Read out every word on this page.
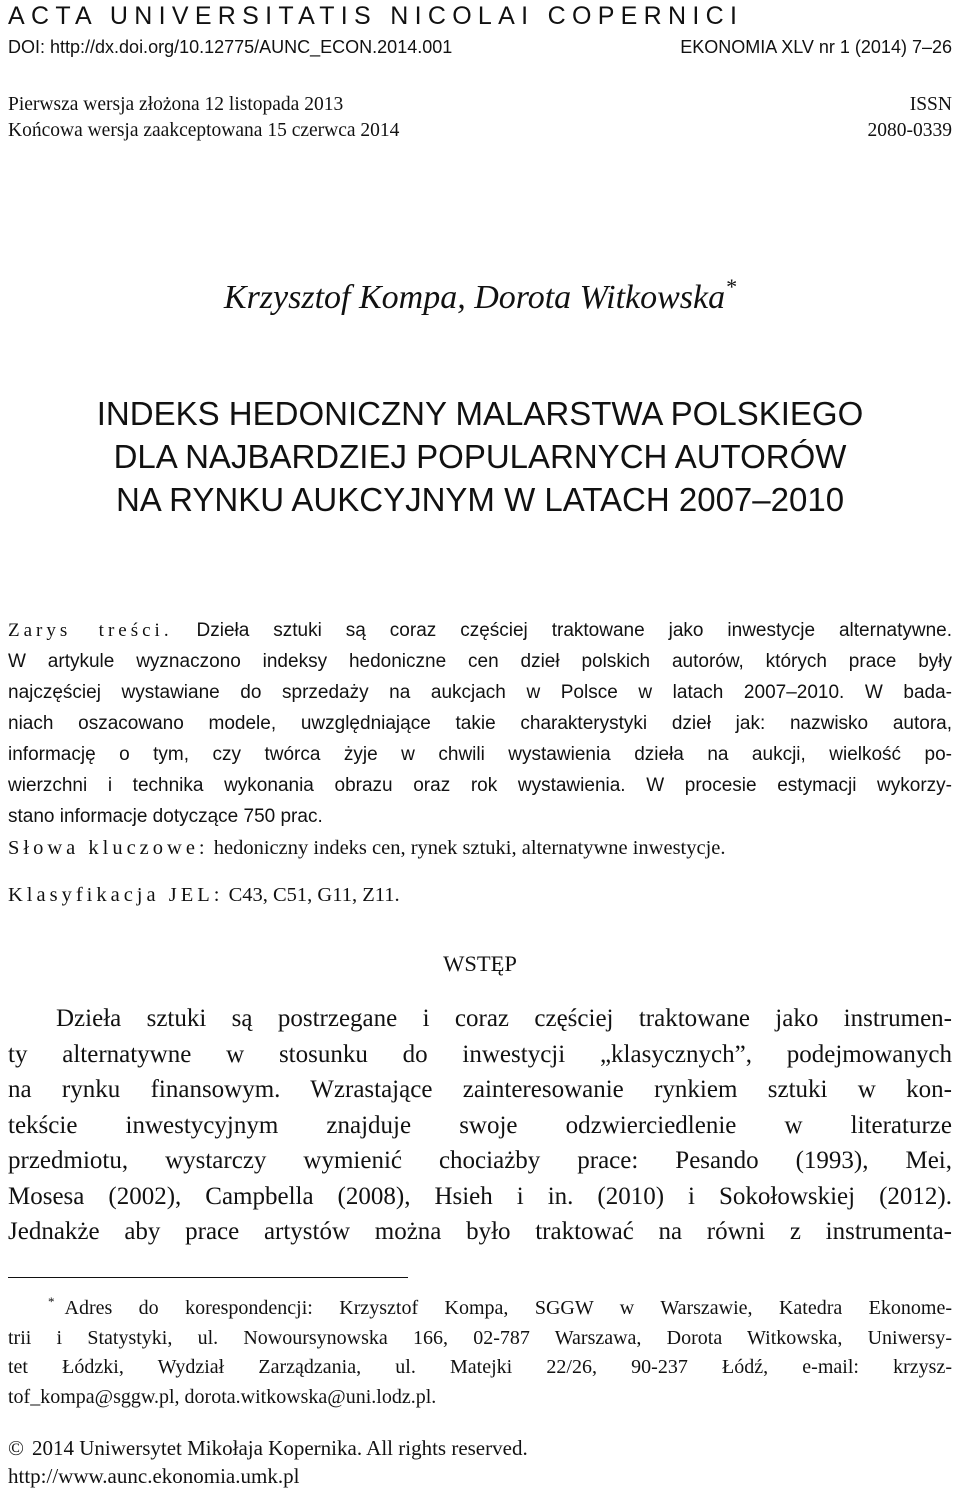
ACTA UNIVERSITATIS NICOLAI COPERNICI
DOI: http://dx.doi.org/10.12775/AUNC_ECON.2014.001	EKONOMIA XLV nr 1 (2014) 7–26
Pierwsza wersja złożona 12 listopada 2013	ISSN
Końcowa wersja zaakceptowana 15 czerwca 2014	2080-0339
Krzysztof Kompa, Dorota Witkowska*
INDEKS HEDONICZNY MALARSTWA POLSKIEGO
DLA NAJBARDZIEJ POPULARNYCH AUTORÓW
NA RYNKU AUKCYJNYM W LATACH 2007–2010
Zarys treści. Dzieła sztuki są coraz częściej traktowane jako inwestycje alternatywne.
W artykule wyznaczono indeksy hedoniczne cen dzieł polskich autorów, których prace były
najczęściej wystawiane do sprzedaży na aukcjach w Polsce w latach 2007–2010. W bada-
niach oszacowano modele, uwzględniające takie charakterystyki dzieł jak: nazwisko autora,
informację o tym, czy twórca żyje w chwili wystawienia dzieła na aukcji, wielkość po-
wierzchni i technika wykonania obrazu oraz rok wystawienia. W procesie estymacji wykorzy-
stano informacje dotyczące 750 prac.
Słowa kluczowe: hedoniczny indeks cen, rynek sztuki, alternatywne inwestycje.
Klasyfikacja JEL: C43, C51, G11, Z11.
WSTĘP
Dzieła sztuki są postrzegane i coraz częściej traktowane jako instrumen-
ty alternatywne w stosunku do inwestycji „klasycznych”, podejmowanych
na rynku finansowym. Wzrastające zainteresowanie rynkiem sztuki w kon-
tekście inwestycyjnym znajduje swoje odzwierciedlenie w literaturze
przedmiotu, wystarczy wymienić chociażby prace: Pesando (1993), Mei,
Mosesa (2002), Campbella (2008), Hsieh i in. (2010) i Sokołowskiej (2012).
Jednakże aby prace artystów można było traktować na równi z instrumenta-
* Adres do korespondencji: Krzysztof Kompa, SGGW w Warszawie, Katedra Ekonome-
trii i Statystyki, ul. Nowoursynowska 166, 02-787 Warszawa, Dorota Witkowska, Uniwersy-
tet Łódzki, Wydział Zarządzania, ul. Matejki 22/26, 90-237 Łódź, e-mail: krzysz-
tof_kompa@sggw.pl, dorota.witkowska@uni.lodz.pl.
© 2014 Uniwersytet Mikołaja Kopernika. All rights reserved.
http://www.aunc.ekonomia.umk.pl
